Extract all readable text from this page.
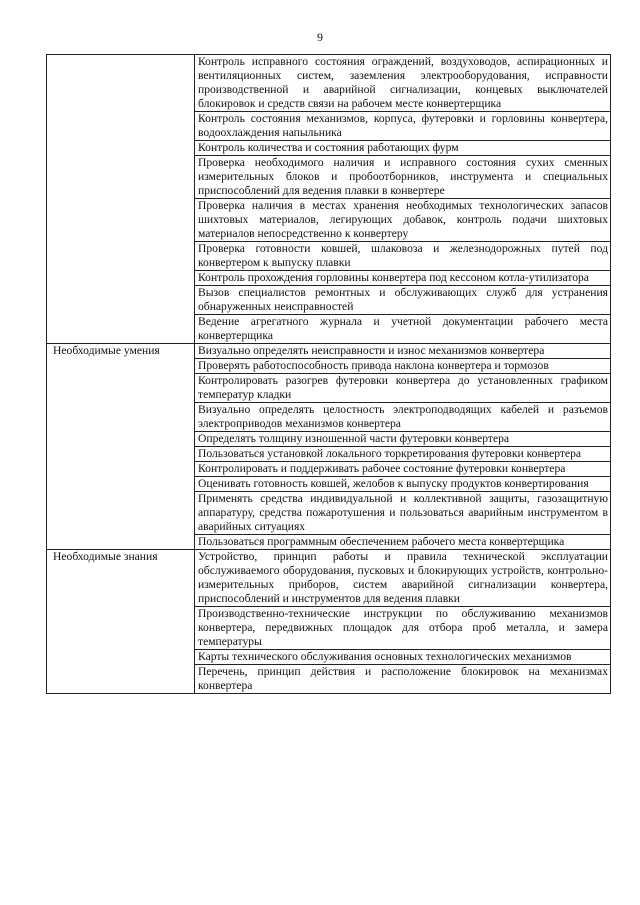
9
	Контроль исправного состояния ограждений, воздуховодов, аспирационных и вентиляционных систем, заземления электрооборудования, исправности производственной и аварийной сигнализации, концевых выключателей блокировок и средств связи на рабочем месте конвертерщика
	Контроль состояния механизмов, корпуса, футеровки и горловины конвертера, водоохлаждения напыльника
	Контроль количества и состояния работающих фурм
	Проверка необходимого наличия и исправного состояния сухих сменных измерительных блоков и пробоотборников, инструмента и специальных приспособлений для ведения плавки в конвертере
	Проверка наличия в местах хранения необходимых технологических запасов шихтовых материалов, легирующих добавок, контроль подачи шихтовых материалов непосредственно к конвертеру
	Проверка готовности ковшей, шлаковоза и железнодорожных путей под конвертером к выпуску плавки
	Контроль прохождения горловины конвертера под кессоном котла-утилизатора
	Вызов специалистов ремонтных и обслуживающих служб для устранения обнаруженных неисправностей
	Ведение агрегатного журнала и учетной документации рабочего места конвертерщика
Необходимые умения	Визуально определять неисправности и износ механизмов конвертера
	Проверять работоспособность привода наклона конвертера и тормозов
	Контролировать разогрев футеровки конвертера до установленных графиком температур кладки
	Визуально определять целостность электроподводящих кабелей и разъемов электроприводов механизмов конвертера
	Определять толщину изношенной части футеровки конвертера
	Пользоваться установкой локального торкретирования футеровки конвертера
	Контролировать и поддерживать рабочее состояние футеровки конвертера
	Оценивать готовность ковшей, желобов к выпуску продуктов конвертирования
	Применять средства индивидуальной и коллективной защиты, газозащитную аппаратуру, средства пожаротушения и пользоваться аварийным инструментом в аварийных ситуациях
	Пользоваться программным обеспечением рабочего места конвертерщика
Необходимые знания	Устройство, принцип работы и правила технической эксплуатации обслуживаемого оборудования, пусковых и блокирующих устройств, контрольно-измерительных приборов, систем аварийной сигнализации конвертера, приспособлений и инструментов для ведения плавки
	Производственно-технические инструкции по обслуживанию механизмов конвертера, передвижных площадок для отбора проб металла, и замера температуры
	Карты технического обслуживания основных технологических механизмов
	Перечень, принцип действия и расположение блокировок на механизмах конвертера
